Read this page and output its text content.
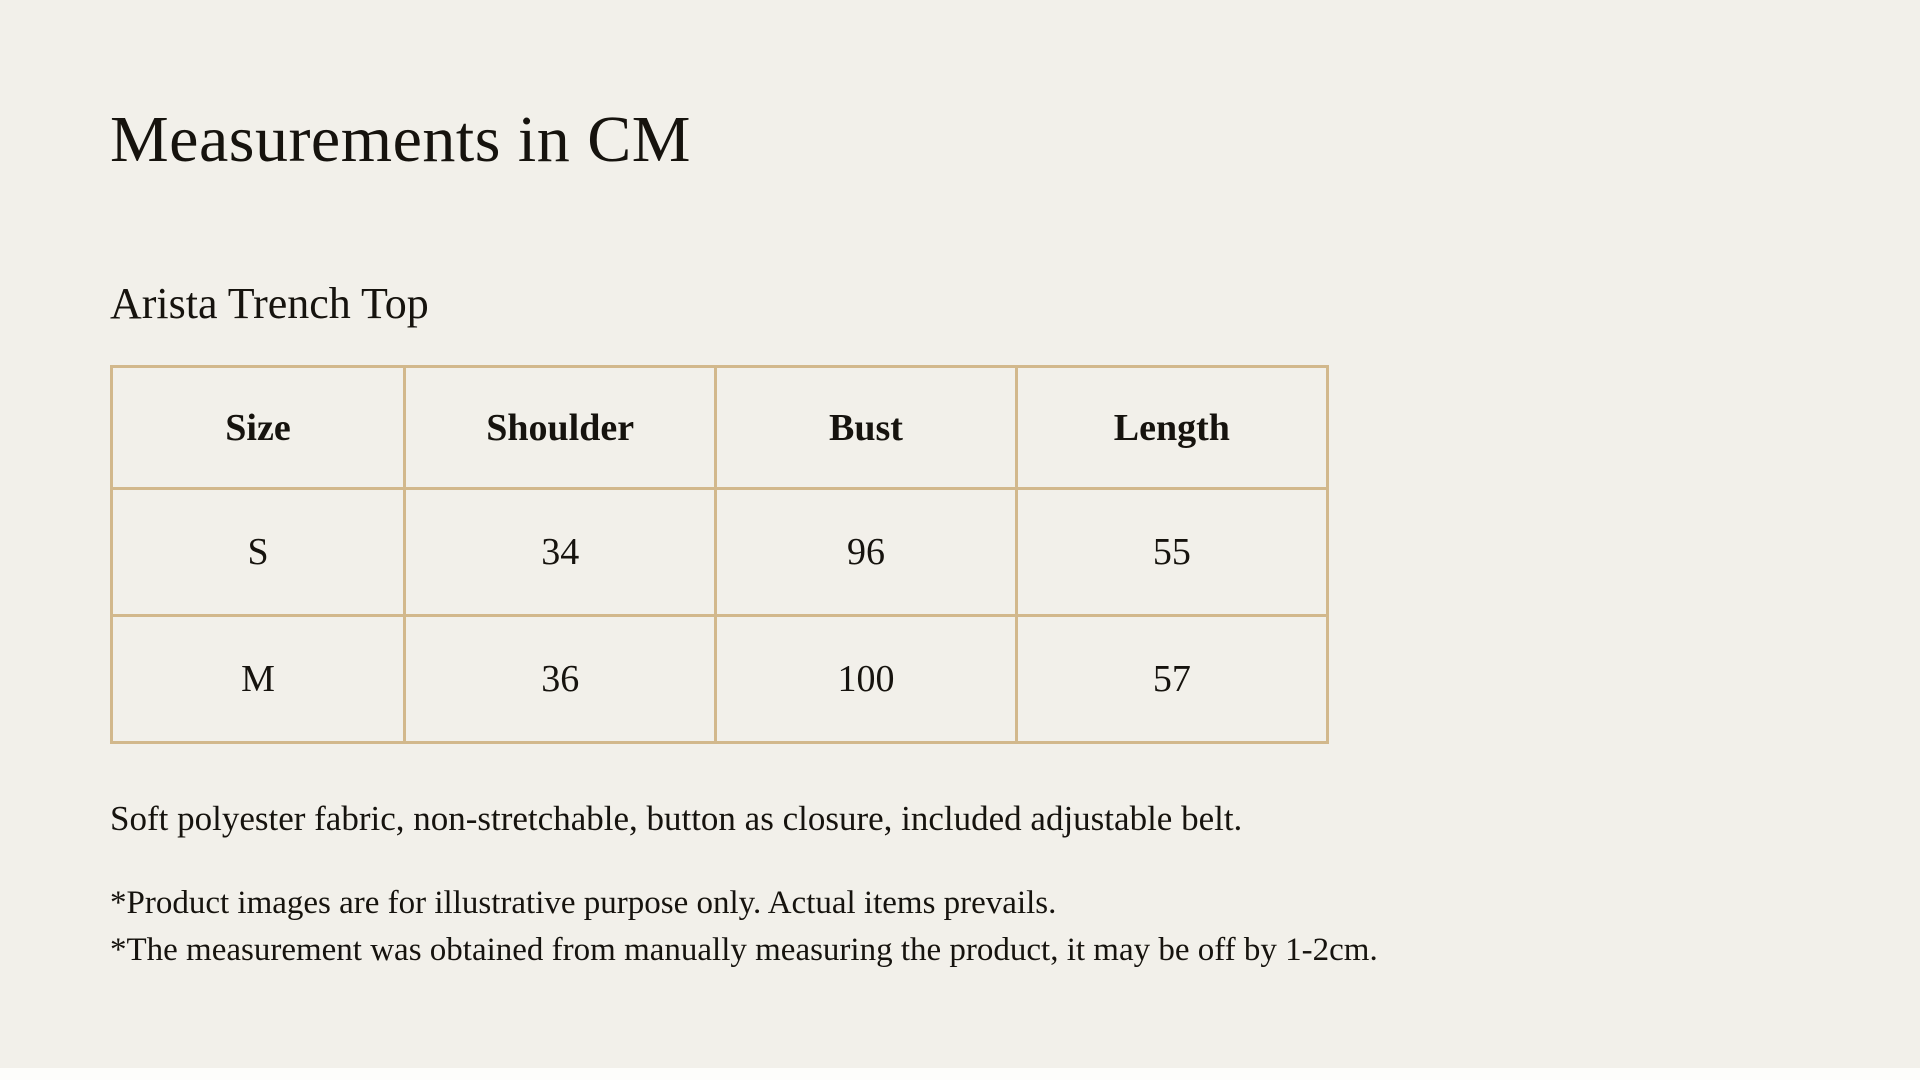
Measurements in CM
Arista Trench Top
Size	Shoulder	Bust	Length
S	34	96	55
M	36	100	57

Soft polyester fabric, non-stretchable, button as closure, included adjustable belt.

*Product images are for illustrative purpose only. Actual items prevails.

*The measurement was obtained from manually measuring the product, it may be off by 1-2cm.
